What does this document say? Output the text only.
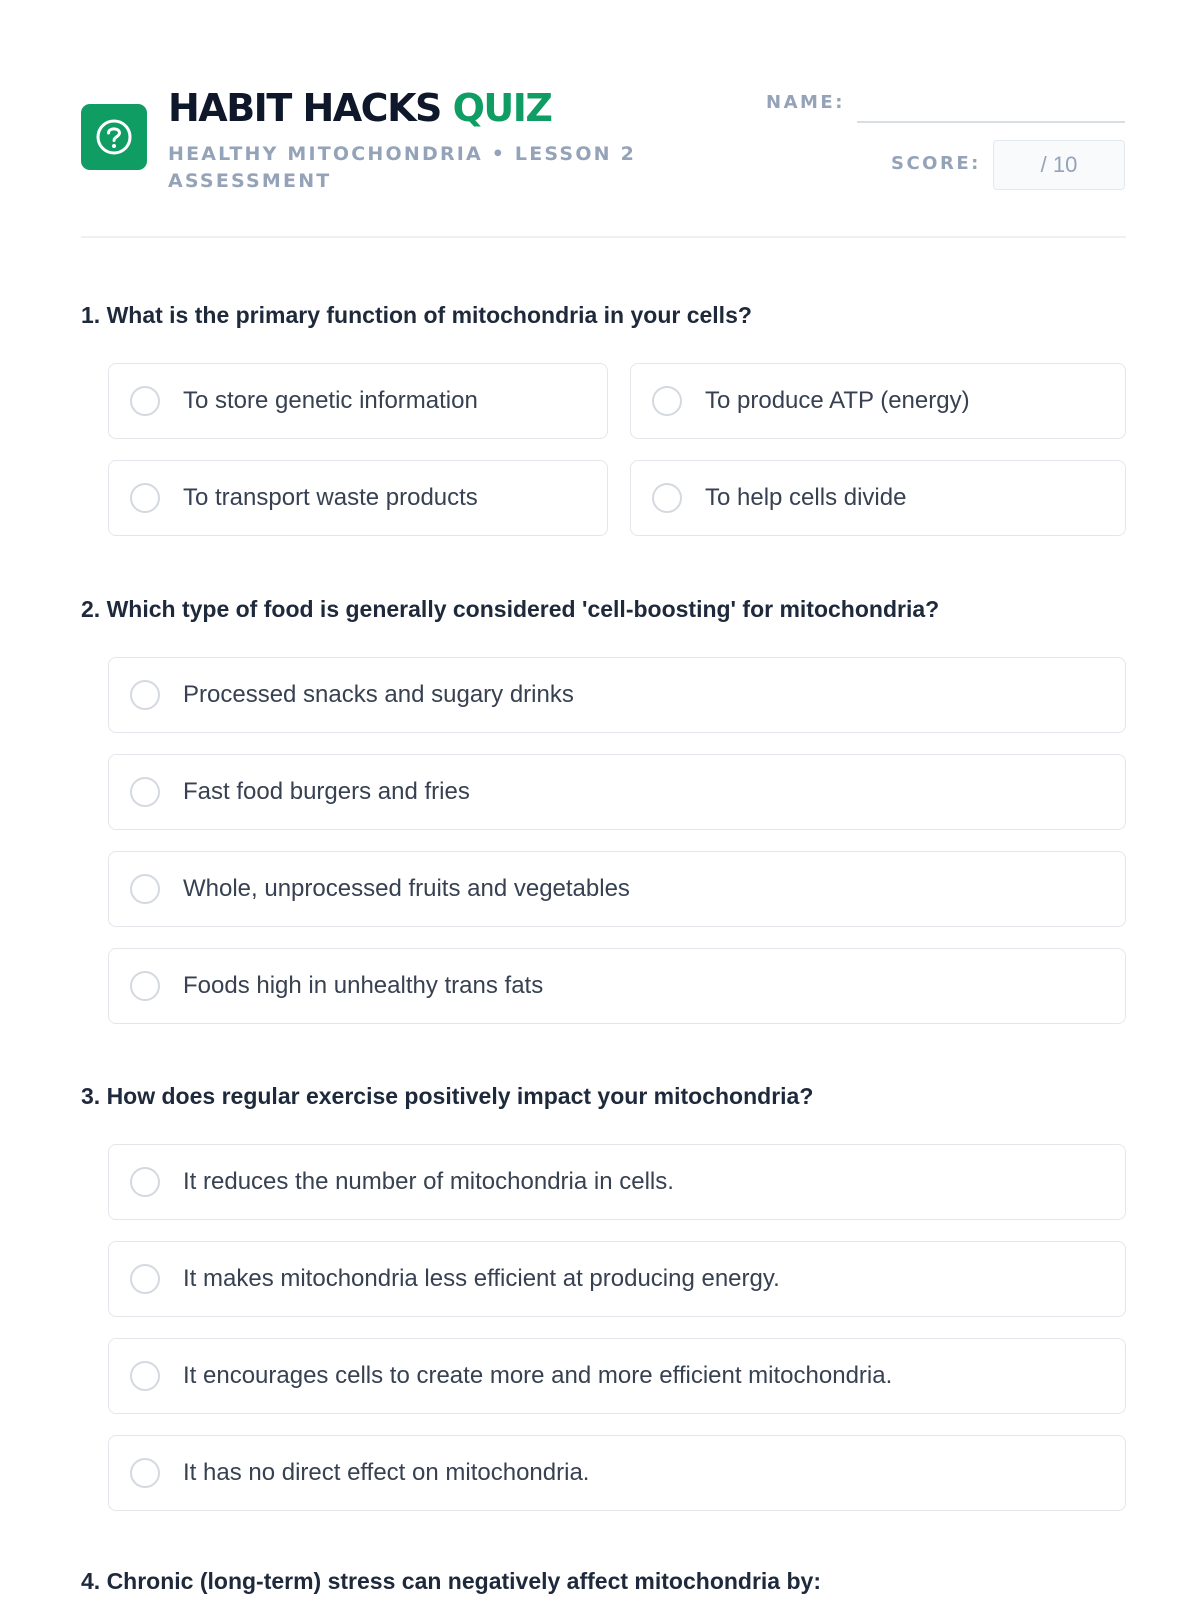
HABIT HACKS QUIZ
HEALTHY MITOCHONDRIA • LESSON 2 ASSESSMENT
NAME:
SCORE:	/ 10
1. What is the primary function of mitochondria in your cells?
To store genetic information	To produce ATP (energy)
To transport waste products	To help cells divide
2. Which type of food is generally considered 'cell-boosting' for mitochondria?
Processed snacks and sugary drinks
Fast food burgers and fries
Whole, unprocessed fruits and vegetables
Foods high in unhealthy trans fats
3. How does regular exercise positively impact your mitochondria?
It reduces the number of mitochondria in cells.
It makes mitochondria less efficient at producing energy.
It encourages cells to create more and more efficient mitochondria.
It has no direct effect on mitochondria.
4. Chronic (long-term) stress can negatively affect mitochondria by:
